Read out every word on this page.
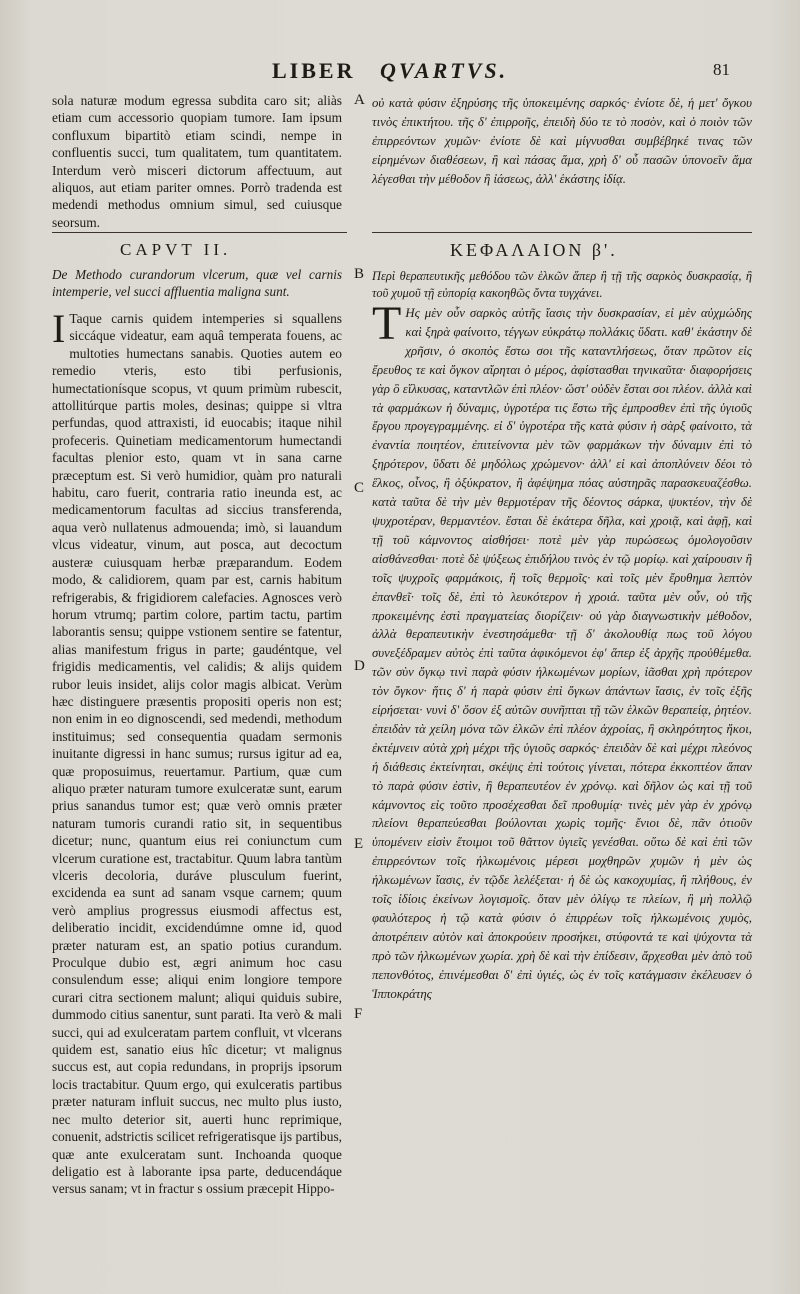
LIBER QVARTVS.	81

sola naturæ modum egressa subdita caro sit; aliàs etiam cum accessorio quopiam tumore. Iam ipsum confluxum bipartitò etiam scindi, nempe in confluentis succi, tum qualitatem, tum quantitatem. Interdum verò misceri dictorum affectuum, aut aliquos, aut etiam pariter omnes. Porrò tradenda est medendi methodus omnium simul, sed cuiusque seorsum.

οὐ κατὰ φύσιν ἐξηρύσης τῆς ὑποκειμένης σαρκός· ἐνίοτε δὲ, ἡ μετ' ὄγκου τινὸς ἐπικτήτου. τῆς δ' ἐπιρροῆς, ἐπειδὴ δύο τε τὸ ποσὸν, καὶ ὁ ποιὸν τῶν ἐπιρρεόντων χυμῶν· ἐνίοτε δὲ καὶ μίγνυσθαι συμβέβηκέ τινας τῶν εἰρημένων διαθέσεων, ἢ καὶ πάσας ἅμα, χρὴ δ' οὖ πασῶν ὑπονοεῖν ἅμα λέγεσθαι τὴν μέθοδον ἢ ἰάσεως, ἀλλ' ἑκάστης ἰδίᾳ.

CAPVT II.	ΚΕΦΑΛΑΙΟΝ β'.
De Methodo curandorum vlcerum, quæ vel carnis intemperie, vel succi affluentia maligna sunt.
Περὶ θεραπευτικῆς μεθόδου τῶν ἑλκῶν ἅπερ ἢ τῇ τῆς σαρκὸς δυσκρασίᾳ, ἢ τοῦ χυμοῦ τῇ εὐπορίᾳ κακοηθῶς ὄντα τυγχάνει.

I Taque carnis quidem intemperies si squallens siccáque videatur, eam aquâ temperata fouens, ac multoties humectans sanabis. Quoties autem eo remedio vteris, esto tibi perfusionis, humectationísque scopus, vt quum primùm rubescit, attollitúrque partis moles, desinas; quippe si vltra perfundas, quod attraxisti, id euocabis; itaque nihil profeceris. Quinetiam medicamentorum humectandi facultas plenior esto, quam vt in sana carne præceptum est. Si verò humidior, quàm pro naturali habitu, caro fuerit, contraria ratio ineunda est, ac medicamentorum facultas ad siccius transferenda, aqua verò nullatenus admouenda; imò, si lauandum vlcus videatur, vinum, aut posca, aut decoctum austeræ cuiusquam herbæ præparandum. Eodem modo, & calidiorem, quam par est, carnis habitum refrigerabis, & frigidiorem calefacies. Agnosces verò horum vtrumq; partim colore, partim tactu, partim laborantis sensu; quippe vstionem sentire se fatentur, alias manifestum frigus in parte; gaudéntque, vel frigidis medicamentis, vel calidis; & alijs quidem rubor leuis insidet, alijs color magis albicat. Verùm hæc distinguere præsentis propositi operis non est; non enim in eo dignoscendi, sed medendi, methodum instituimus; sed consequentia quadam sermonis inuitante digressi in hanc sumus; rursus igitur ad ea, quæ proposuimus, reuertamur. Partium, quæ cum aliquo præter naturam tumore exulceratæ sunt, earum prius sanandus tumor est; quæ verò omnis præter naturam tumoris curandi ratio sit, in sequentibus dicetur; nunc, quantum eius rei coniunctum cum vlcerum curatione est, tractabitur. Quum labra tantùm vlceris decoloria, duráve plusculum fuerint, excidenda ea sunt ad sanam vsque carnem; quum verò amplius progressus eiusmodi affectus est, deliberatio incidit, excidendúmne omne id, quod præter naturam est, an spatio potius curandum. Proculque dubio est, ægri animum hoc casu consulendum esse; aliqui enim longiore tempore curari citra sectionem malunt; aliqui quiduis subire, dummodo citius sanentur, sunt parati. Ita verò & mali succi, qui ad exulceratam partem confluit, vt vlcerans quidem est, sanatio eius hîc dicetur; vt malignus succus est, aut copia redundans, in proprijs ipsorum locis tractabitur. Quum ergo, qui exulceratis partibus præter naturam influit succus, nec multo plus iusto, nec multo deterior sit, auerti hunc reprimique, conuenit, adstrictis scilicet refrigeratisque ijs partibus, quæ ante exulceratam sunt. Inchoanda quoque deligatio est à laborante ipsa parte, deducendáque versus sanam; vt in fractur s ossium præcepit Hippo-

Τ Ης μὲν οὖν σαρκὸς αὐτῆς ἴασις τὴν δυσκρασίαν, εἰ μὲν αὐχμώδης καὶ ξηρὰ φαίνοιτο, τέγγων εὐκράτῳ πολλάκις ὕδατι. καθ' ἑκάστην δὲ χρῆσιν, ὁ σκοπὸς ἔστω σοι τῆς καταντλήσεως, ὅταν πρῶτον εἰς ἔρευθος τε καὶ ὄγκον αἴρηται ὁ μέρος, ἀφίστασθαι τηνικαῦτα· διαφορήσεις γὰρ ὃ εἵλκυσας, καταντλῶν ἐπὶ πλέον· ὥστ' οὐδὲν ἔσται σοι πλέον. ἀλλὰ καὶ τὰ φαρμάκων ἡ δύναμις, ὑγροτέρα τις ἔστω τῆς ἐμπροσθεν ἐπὶ τῆς ὑγιοῦς ἔργου προγεγραμμένης. εἰ δ' ὑγροτέρα τῆς κατὰ φύσιν ἡ σὰρξ φαίνοιτο, τὰ ἐναντία ποιητέον, ἐπιτείνοντα μὲν τῶν φαρμάκων τὴν δύναμιν ἐπὶ τὸ ξηρότερον, ὕδατι δὲ μηδόλως χρώμενον· ἀλλ' εἰ καὶ ἀποπλύνειν δέοι τὸ ἕλκος, οἶνος, ἢ ὀξύκρατον, ἢ ἀφέψημα πόας αὐστηρᾶς παρασκευαζέσθω. κατὰ ταῦτα δὲ τὴν μὲν θερμοτέραν τῆς δέοντος σάρκα, ψυκτέον, τὴν δὲ ψυχροτέραν, θερμαντέον. ἔσται δὲ ἑκάτερα δῆλα, καὶ χροιᾷ, καὶ ἀφῇ, καὶ τῇ τοῦ κάμνοντος αἰσθήσει· ποτὲ μὲν γὰρ πυρώσεως ὁμολογοῦσιν αἰσθάνεσθαι· ποτὲ δὲ ψύξεως ἐπιδήλου τινὸς ἐν τῷ μορίῳ. καὶ χαίρουσιν ἢ τοῖς ψυχροῖς φαρμάκοις, ἢ τοῖς θερμοῖς· καὶ τοῖς μὲν ἔρυθημα λεπτὸν ἐπανθεῖ· τοῖς δὲ, ἐπὶ τὸ λευκότερον ἡ χροιά. ταῦτα μὲν οὖν, οὐ τῆς προκειμένης ἐστὶ πραγματείας διορίζειν· οὐ γὰρ διαγνωστικὴν μέθοδον, ἀλλὰ θεραπευτικὴν ἐνεστησάμεθα· τῇ δ' ἀκολουθίᾳ πως τοῦ λόγου συνεξέδραμεν αὐτὸς ἐπὶ ταῦτα ἀφικόμενοι ἐφ' ἅπερ ἐξ ἀρχῆς προὐθέμεθα. τῶν σὺν ὄγκῳ τινὶ παρὰ φύσιν ἡλκωμένων μορίων, ἰᾶσθαι χρὴ πρότερον τὸν ὄγκον· ἥτις δ' ἡ παρὰ φύσιν ἐπὶ ὄγκων ἁπάντων ἴασις, ἐν τοῖς ἐξῆς εἰρήσεται· νυνὶ δ' ὅσον ἐξ αὐτῶν συνῆπται τῇ τῶν ἑλκῶν θεραπείᾳ, ῥητέον. ἐπειδὰν τὰ χείλη μόνα τῶν ἑλκῶν ἐπὶ πλέον ἀχροίας, ἢ σκληρότητος ἥκοι, ἐκτέμνειν αὐτὰ χρὴ μέχρι τῆς ὑγιοῦς σαρκός· ἐπειδὰν δὲ καὶ μέχρι πλεόνος ἡ διάθεσις ἐκτείνηται, σκέψις ἐπὶ τούτοις γίνεται, πότερα ἐκκοπτέον ἅπαν τὸ παρὰ φύσιν ἐστὶν, ἢ θεραπευτέον ἐν χρόνῳ. καὶ δῆλον ὡς καὶ τῇ τοῦ κάμνοντος εἰς τοῦτο προσέχεσθαι δεῖ προθυμίᾳ· τινὲς μὲν γὰρ ἐν χρόνῳ πλείονι θεραπεύεσθαι βούλονται χωρὶς τομῆς· ἔνιοι δὲ, πᾶν ὁτιοῦν ὑπομένειν εἰσὶν ἕτοιμοι τοῦ θᾶττον ὑγιεῖς γενέσθαι. οὕτω δὲ καὶ ἐπὶ τῶν ἐπιρρεόντων τοῖς ἡλκωμένοις μέρεσι μοχθηρῶν χυμῶν ἡ μὲν ὡς ἡλκωμένων ἴασις, ἐν τῷδε λελέξεται· ἡ δὲ ὡς κακοχυμίας, ἢ πλήθους, ἐν τοῖς ἰδίοις ἐκείνων λογισμοῖς. ὅταν μὲν ὀλίγῳ τε πλείων, ἢ μὴ πολλῷ φαυλότερος ἡ τῷ κατὰ φύσιν ὁ ἐπιρρέων τοῖς ἡλκωμένοις χυμὸς, ἀποτρέπειν αὐτὸν καὶ ἀποκρούειν προσήκει, στύφοντά τε καὶ ψύχοντα τὰ πρὸ τῶν ἡλκωμένων χωρία. χρὴ δὲ καὶ τὴν ἐπίδεσιν, ἄρχεσθαι μὲν ἀπὸ τοῦ πεπονθότος, ἐπινέμεσθαι δ' ἐπὶ ὑγιές, ὡς ἐν τοῖς κατάγμασιν ἐκέλευσεν ὁ Ἱπποκράτης

A
B
C
D
E
F
